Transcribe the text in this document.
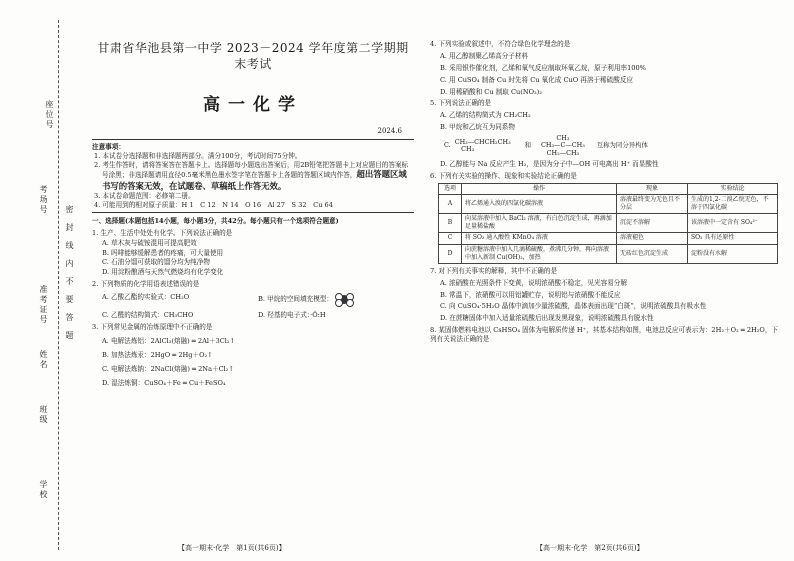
座位号
考场号
准考证号
姓名
班级
学校
密封线内不要答题
甘肃省华池县第一中学 2023－2024 学年度第二学期期末考试
高一化学
2024.6
注意事项：

1. 本试卷分选择题和非选择题两部分。满分100分，考试时间75分钟。

2. 考生作答时，请将答案答在答题卡上。选择题每小题选出答案后，用2B铅笔把答题卡上对应题目的答案标号涂黑；非选择题请用直径0.5毫米黑色墨水签字笔在答题卡上各题的答题区域内作答，超出答题区域书写的答案无效，在试题卷、草稿纸上作答无效。

3. 本试卷命题范围：必修第二册。

4. 可能用到的相对原子质量：H 1　C 12　N 14　O 16　Al 27　S 32　Cu 64

一、选择题(本题包括14小题，每小题3分，共42分。每小题只有一个选项符合题意)
1. 生产、生活中处处有化学。下列说法正确的是
A. 草木灰与硫铵混用可提高肥效
B. 吗啡能够缓解患者的疼痛，可大量使用
C. 石油分馏可获取的馏分均为纯净物
D. 用淀粉酿酒与天然气燃烧均有化学变化
2. 下列物质的化学用语表述错误的是
A. 乙酸乙酯的实验式：CH₂O	B. 甲烷的空间填充模型：
C. 乙醛的结构简式：CH₃CHO	D. 羟基的电子式：·Ö:H
3. 下列常见金属的冶炼原理中不正确的是
A. 电解法炼铝：2AlCl₃(熔融) ═ 2Al＋3Cl₂↑
B. 加热法炼汞：2HgO ═ 2Hg＋O₂↑
C. 电解法炼钠：2NaCl(熔融) ═ 2Na＋Cl₂↑
D. 湿法炼铜：CuSO₄＋Fe ═ Cu＋FeSO₄
4. 下列实验或叙述中，不符合绿色化学理念的是
A. 用乙醇制聚乙烯高分子材料
B. 采用银作催化剂，乙烯和氧气反应制取环氧乙烷，原子利用率100%
C. 用 CuSO₄ 制备 Cu 时先将 Cu 氧化成 CuO 再溶于稀硫酸反应
D. 用稀硝酸和 Cu 制取 Cu(NO₃)₂
5. 下列说法正确的是
A. 乙烯的结构简式为 CH₂CH₂
B. 甲烷和乙烷互为同系物
C. CH₃—CHCH₂CH₃
CH₃	和
CH₃
CH₃—C—CH₃
CH₂—CH₃
互称为同分异构体
D. 乙醇能与 Na 反应产生 H₂，是因为分子中—OH 可电离出 H⁺ 而显酸性
6. 下列有关实验的操作、现象和实验结论正确的是
选项	操作	现象	实验结论
A	将乙烯通入溴的四氯化碳溶液	溶液最终变为无色且不分层	生成的1,2-二溴乙烷无色，不溶于四氯化碳
B	向某溶液中加入 BaCl₂ 溶液，有白色沉淀生成，再滴加足量稀盐酸	沉淀不溶解	该溶液中一定含有 SO₄²⁻
C	将 SO₂ 通入酸性 KMnO₄ 溶液	溶液褪色	SO₂ 具有还原性
D	向蔗糖溶液中加入几滴稀硫酸，煮沸几分钟，再向溶液中加入新制 Cu(OH)₂，加热	无砖红色沉淀生成	淀粉没有水解
7. 对下列有关事实的解释，其中不正确的是
A. 浓硝酸在光照条件下变黄，说明浓硝酸不稳定，见光容易分解
B. 常温下，浓硝酸可以用铝罐贮存，说明铝与浓硝酸不能反应
C. 向 CuSO₄·5H₂O 晶体中滴加少量浓硫酸，晶体表面出现“白斑”，说明浓硫酸具有吸水性
D. 在蔗糖固体中加入适量浓硫酸后出现发黑现象，说明浓硫酸具有脱水性
8. 某固体燃料电池以 CsHSO₄ 固体为电解质传递 H⁺，其基本结构如图，电池总反应可表示为：2H₂＋O₂ ═ 2H₂O，下列有关说法正确的是
【高一期末·化学　第1页(共6页)】	【高一期末·化学　第2页(共6页)】
